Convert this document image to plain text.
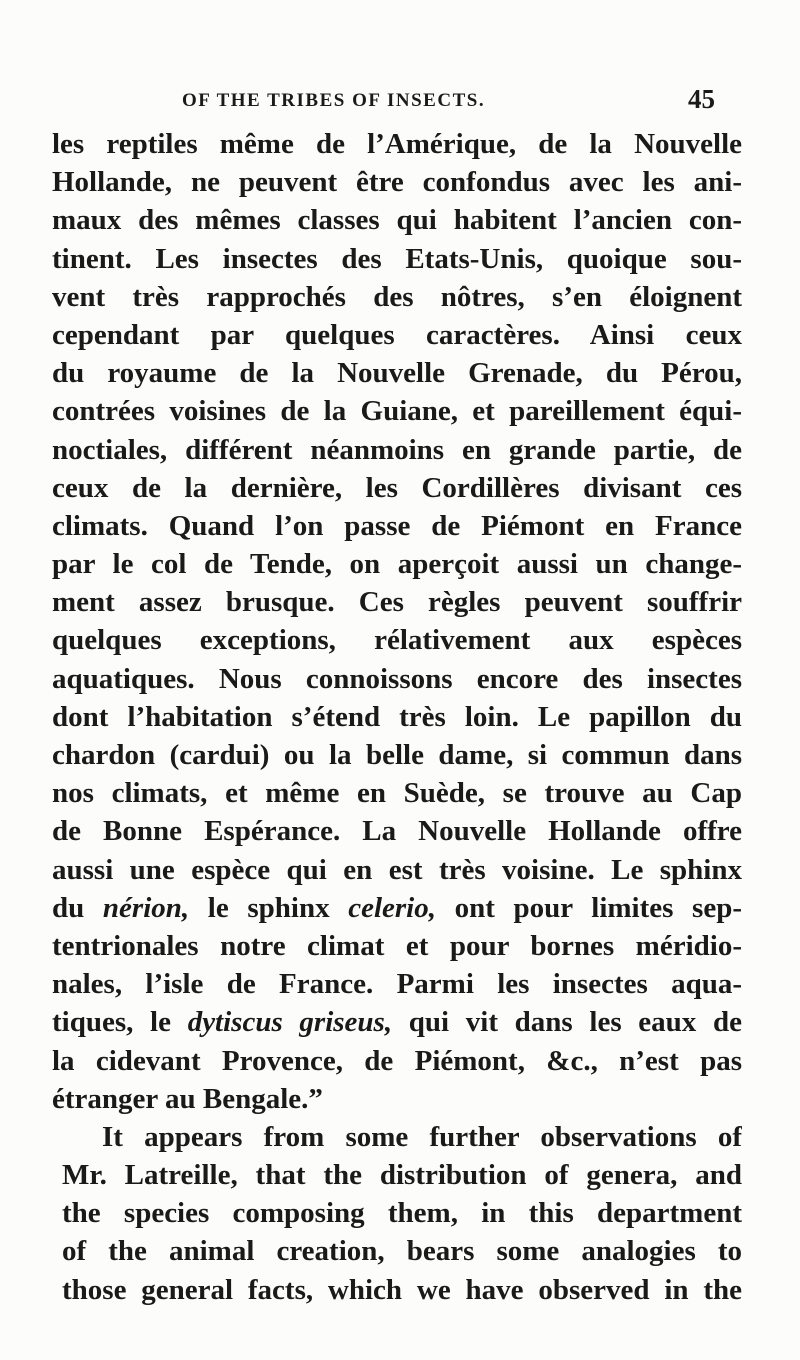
OF THE TRIBES OF INSECTS.	45
les reptiles même de l’Amérique, de la Nouvelle
Hollande, ne peuvent être confondus avec les ani-
maux des mêmes classes qui habitent l’ancien con-
tinent. Les insectes des Etats-Unis, quoique sou-
vent très rapprochés des nôtres, s’en éloignent
cependant par quelques caractères. Ainsi ceux
du royaume de la Nouvelle Grenade, du Pérou,
contrées voisines de la Guiane, et pareillement équi-
noctiales, différent néanmoins en grande partie, de
ceux de la dernière, les Cordillères divisant ces
climats. Quand l’on passe de Piémont en France
par le col de Tende, on aperçoit aussi un change-
ment assez brusque. Ces règles peuvent souffrir
quelques exceptions, rélativement aux espèces
aquatiques. Nous connoissons encore des insectes
dont l’habitation s’étend très loin. Le papillon du
chardon (cardui) ou la belle dame, si commun dans
nos climats, et même en Suède, se trouve au Cap
de Bonne Espérance. La Nouvelle Hollande offre
aussi une espèce qui en est très voisine. Le sphinx
du nérion, le sphinx celerio, ont pour limites sep-
tentrionales notre climat et pour bornes méridio-
nales, l’isle de France. Parmi les insectes aqua-
tiques, le dytiscus griseus, qui vit dans les eaux de
la cidevant Provence, de Piémont, &c., n’est pas
étranger au Bengale.”
It appears from some further observations of
Mr. Latreille, that the distribution of genera, and
the species composing them, in this department
of the animal creation, bears some analogies to
those general facts, which we have observed in the
